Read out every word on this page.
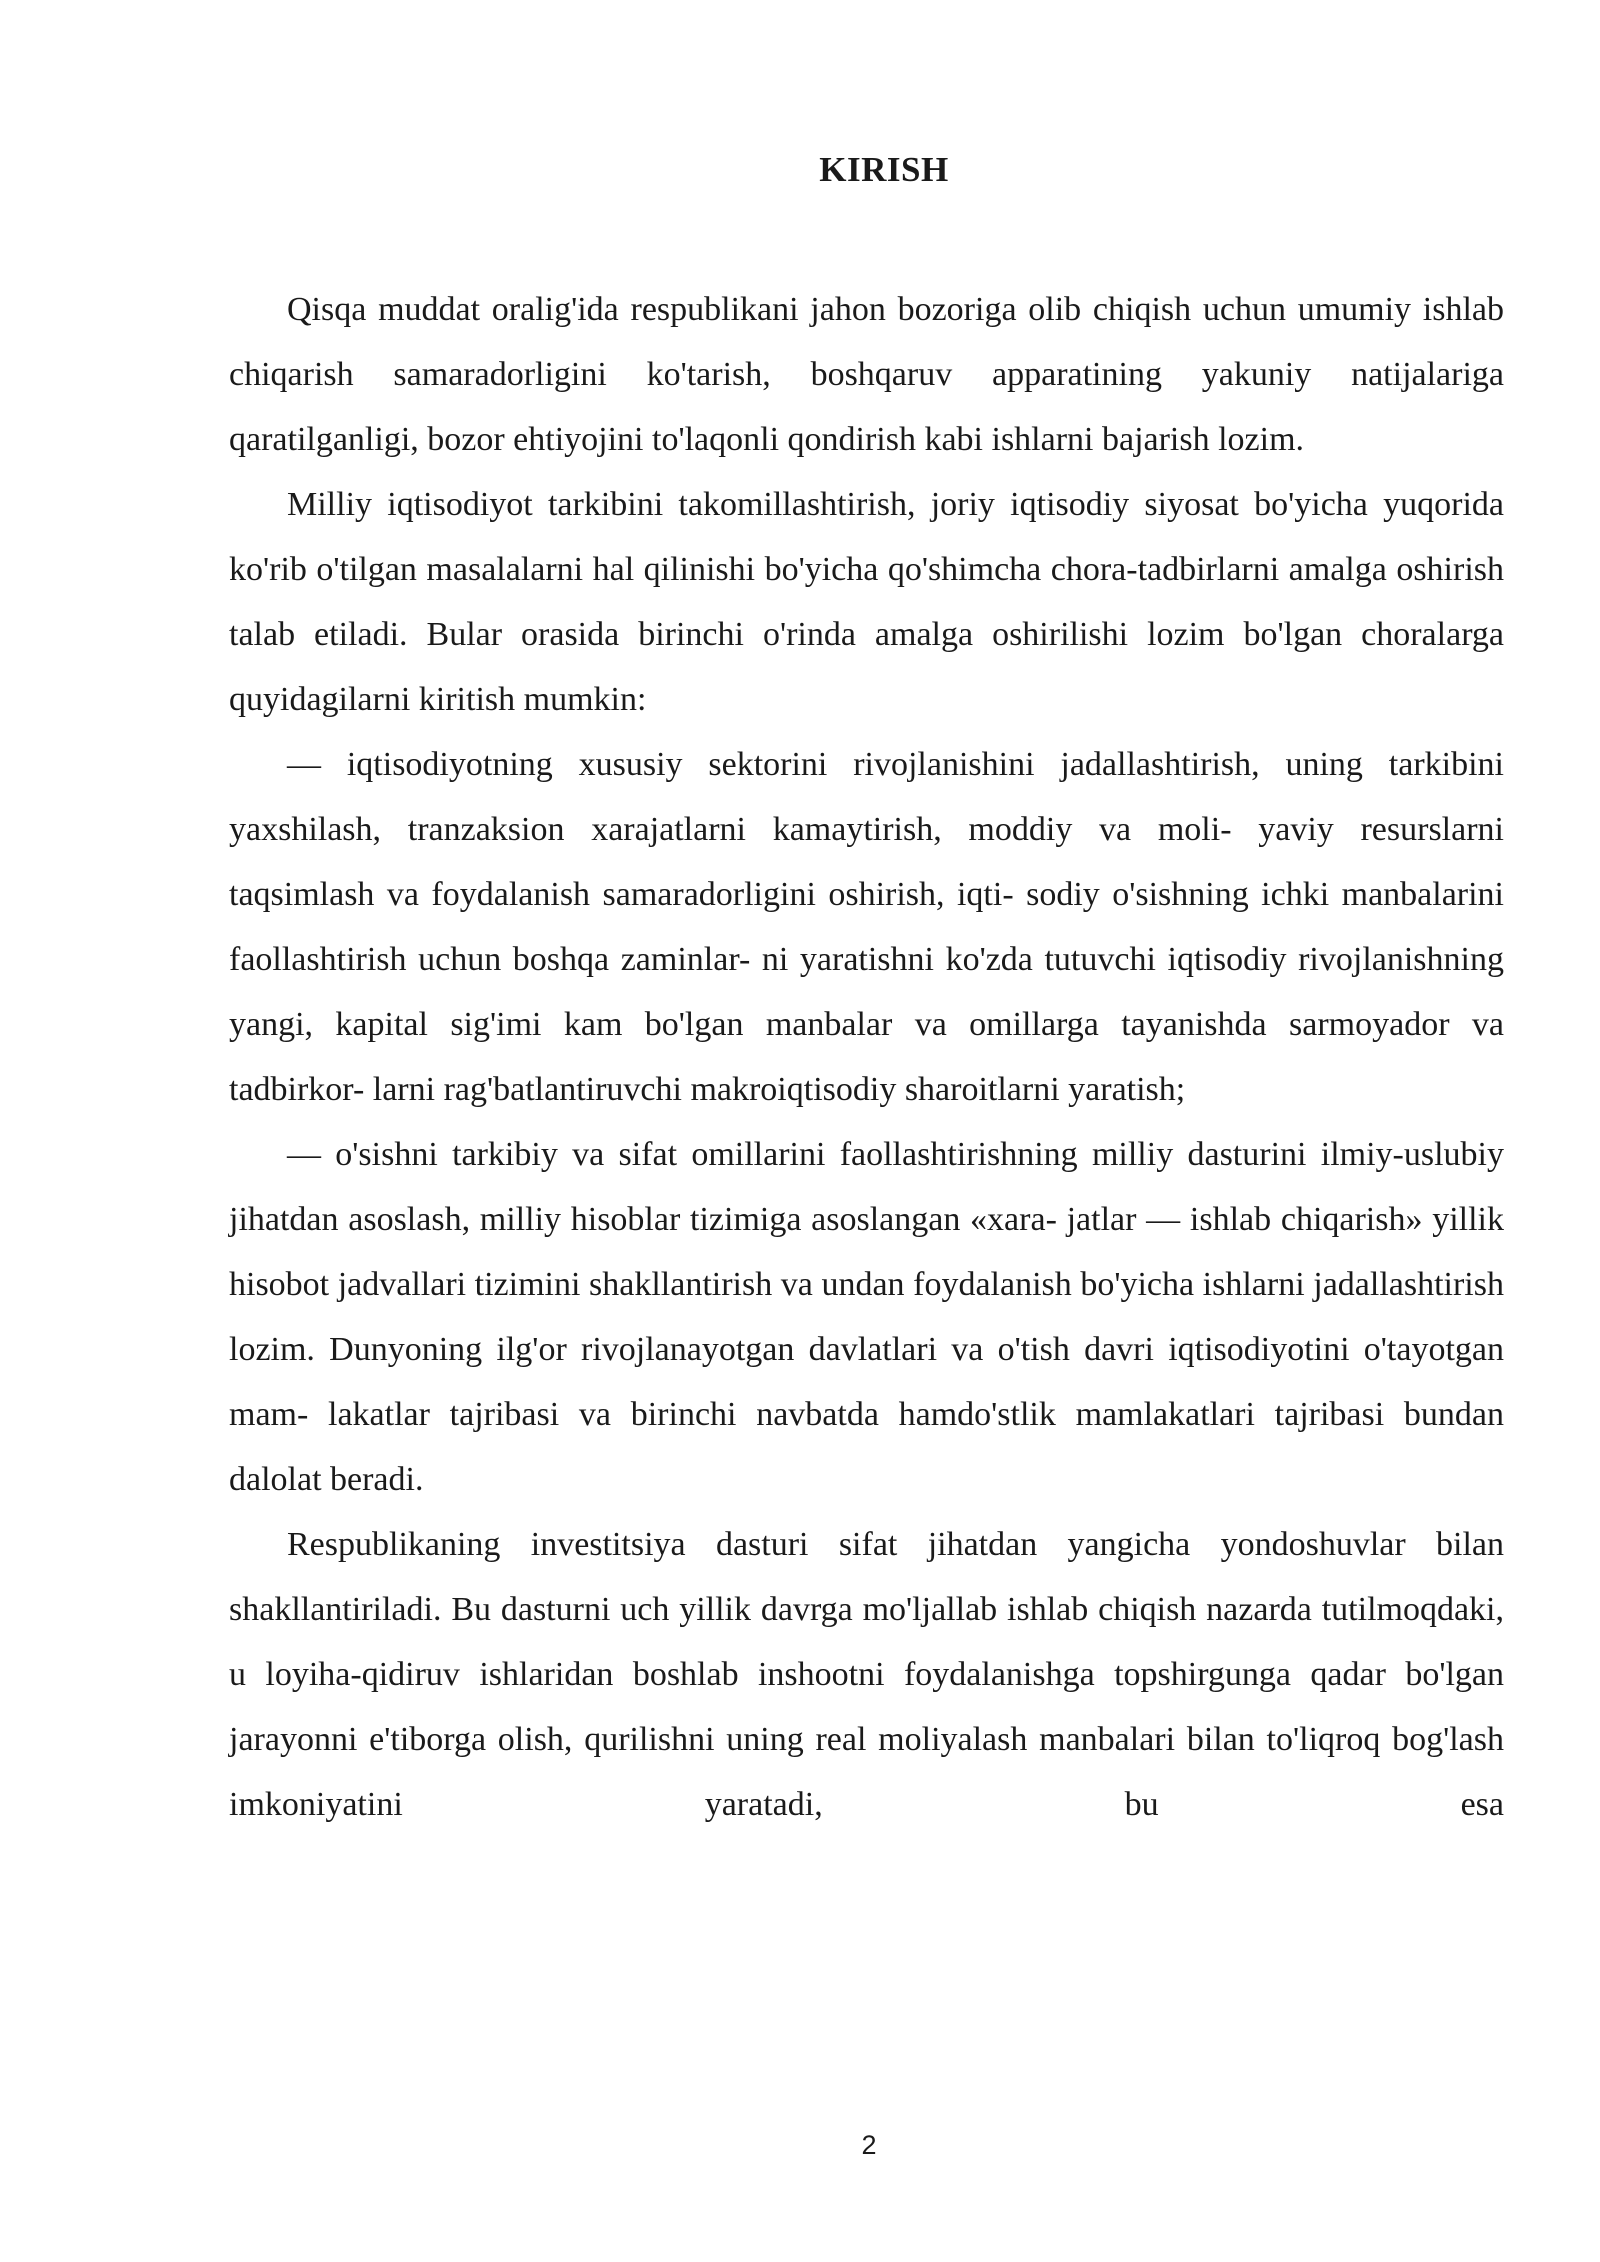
KIRISH

Qisqa muddat oralig'ida respublikani jahon bozoriga olib chiqish uchun umumiy ishlab chiqarish samaradorligini ko'tarish, boshqaruv apparatining yakuniy natijalariga qaratilganligi, bozor ehtiyojini to'laqonli qondirish kabi ishlarni bajarish lozim.

Milliy iqtisodiyot tarkibini takomillashtirish, joriy iqtisodiy siyosat bo'yicha yuqorida ko'rib o'tilgan masalalarni hal qilinishi bo'yicha qo'shimcha chora-tadbirlarni amalga oshirish talab etiladi. Bular orasida birinchi o'rinda amalga oshirilishi lozim bo'lgan choralarga quyidagilarni kiritish mumkin:

— iqtisodiyotning xususiy sektorini rivojlanishini jadallashtirish, uning tarkibini yaxshilash, tranzaksion xarajatlarni kamaytirish, moddiy va moli- yaviy resurslarni taqsimlash va foydalanish samaradorligini oshirish, iqti- sodiy o'sishning ichki manbalarini faollashtirish uchun boshqa zaminlar- ni yaratishni ko'zda tutuvchi iqtisodiy rivojlanishning yangi, kapital sig'imi kam bo'lgan manbalar va omillarga tayanishda sarmoyador va tadbirkor- larni rag'batlantiruvchi makroiqtisodiy sharoitlarni yaratish;

— o'sishni tarkibiy va sifat omillarini faollashtirishning milliy dasturini ilmiy-uslubiy jihatdan asoslash, milliy hisoblar tizimiga asoslangan «xara- jatlar — ishlab chiqarish» yillik hisobot jadvallari tizimini shakllantirish va undan foydalanish bo'yicha ishlarni jadallashtirish lozim. Dunyoning ilg'or rivojlanayotgan davlatlari va o'tish davri iqtisodiyotini o'tayotgan mam- lakatlar tajribasi va birinchi navbatda hamdo'stlik mamlakatlari tajribasi bundan dalolat beradi.

Respublikaning investitsiya dasturi sifat jihatdan yangicha yondoshuvlar bilan shakllantiriladi. Bu dasturni uch yillik davrga mo'ljallab ishlab chiqish nazarda tutilmoqdaki, u loyiha-qidiruv ishlaridan boshlab inshootni foydalanishga topshirgunga qadar bo'lgan jarayonni e'tiborga olish, qurilishni uning real moliyalash manbalari bilan to'liqroq bog'lash imkoniyatini yaratadi, bu esa

2
